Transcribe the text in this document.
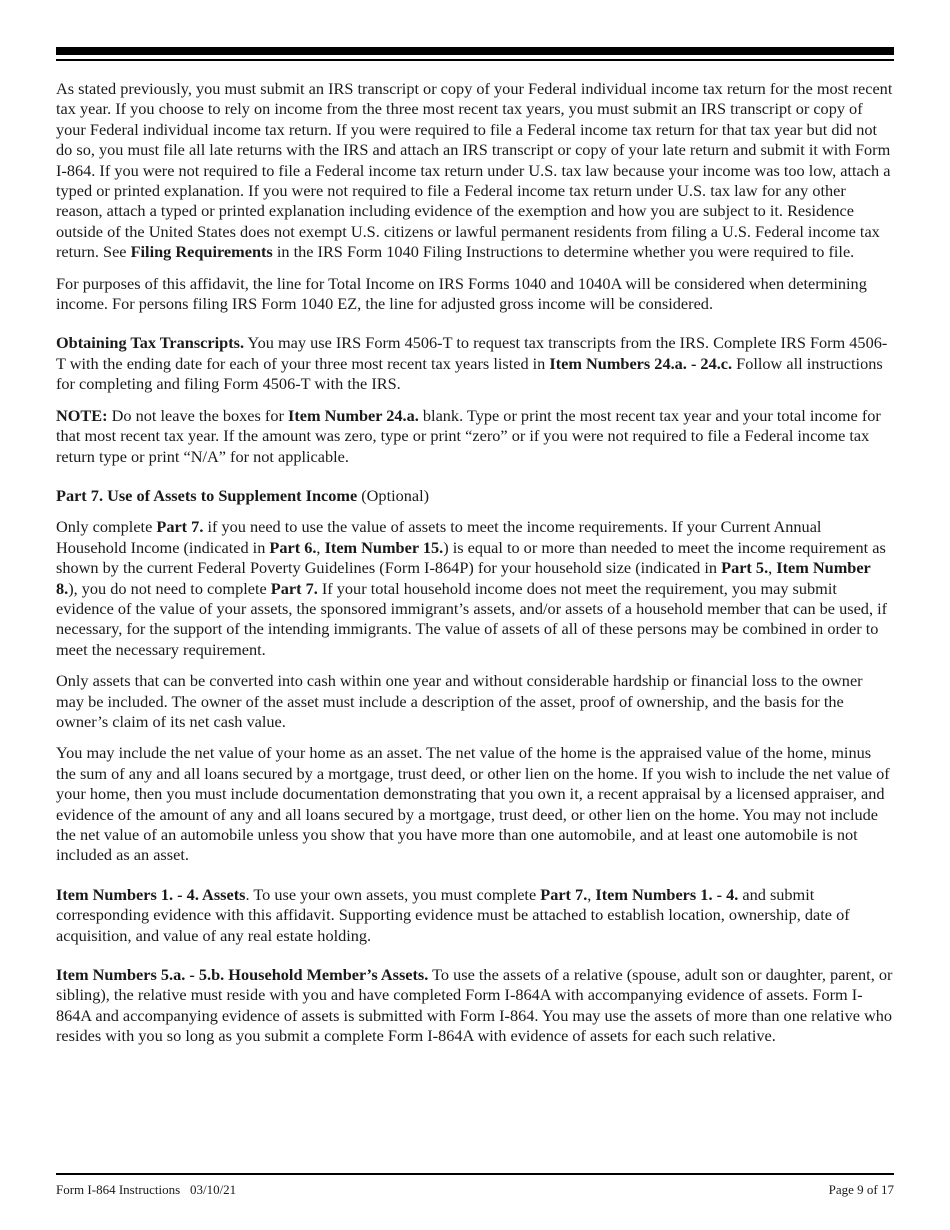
As stated previously, you must submit an IRS transcript or copy of your Federal individual income tax return for the most recent tax year. If you choose to rely on income from the three most recent tax years, you must submit an IRS transcript or copy of your Federal individual income tax return. If you were required to file a Federal income tax return for that tax year but did not do so, you must file all late returns with the IRS and attach an IRS transcript or copy of your late return and submit it with Form I-864. If you were not required to file a Federal income tax return under U.S. tax law because your income was too low, attach a typed or printed explanation. If you were not required to file a Federal income tax return under U.S. tax law for any other reason, attach a typed or printed explanation including evidence of the exemption and how you are subject to it. Residence outside of the United States does not exempt U.S. citizens or lawful permanent residents from filing a U.S. Federal income tax return. See Filing Requirements in the IRS Form 1040 Filing Instructions to determine whether you were required to file.

For purposes of this affidavit, the line for Total Income on IRS Forms 1040 and 1040A will be considered when determining income. For persons filing IRS Form 1040 EZ, the line for adjusted gross income will be considered.

Obtaining Tax Transcripts. You may use IRS Form 4506-T to request tax transcripts from the IRS. Complete IRS Form 4506-T with the ending date for each of your three most recent tax years listed in Item Numbers 24.a. - 24.c. Follow all instructions for completing and filing Form 4506-T with the IRS.

NOTE: Do not leave the boxes for Item Number 24.a. blank. Type or print the most recent tax year and your total income for that most recent tax year. If the amount was zero, type or print “zero” or if you were not required to file a Federal income tax return type or print “N/A” for not applicable.

Part 7. Use of Assets to Supplement Income (Optional)

Only complete Part 7. if you need to use the value of assets to meet the income requirements. If your Current Annual Household Income (indicated in Part 6., Item Number 15.) is equal to or more than needed to meet the income requirement as shown by the current Federal Poverty Guidelines (Form I-864P) for your household size (indicated in Part 5., Item Number 8.), you do not need to complete Part 7. If your total household income does not meet the requirement, you may submit evidence of the value of your assets, the sponsored immigrant’s assets, and/or assets of a household member that can be used, if necessary, for the support of the intending immigrants. The value of assets of all of these persons may be combined in order to meet the necessary requirement.

Only assets that can be converted into cash within one year and without considerable hardship or financial loss to the owner may be included. The owner of the asset must include a description of the asset, proof of ownership, and the basis for the owner’s claim of its net cash value.

You may include the net value of your home as an asset. The net value of the home is the appraised value of the home, minus the sum of any and all loans secured by a mortgage, trust deed, or other lien on the home. If you wish to include the net value of your home, then you must include documentation demonstrating that you own it, a recent appraisal by a licensed appraiser, and evidence of the amount of any and all loans secured by a mortgage, trust deed, or other lien on the home. You may not include the net value of an automobile unless you show that you have more than one automobile, and at least one automobile is not included as an asset.

Item Numbers 1. - 4. Assets. To use your own assets, you must complete Part 7., Item Numbers 1. - 4. and submit corresponding evidence with this affidavit. Supporting evidence must be attached to establish location, ownership, date of acquisition, and value of any real estate holding.

Item Numbers 5.a. - 5.b. Household Member’s Assets. To use the assets of a relative (spouse, adult son or daughter, parent, or sibling), the relative must reside with you and have completed Form I-864A with accompanying evidence of assets. Form I-864A and accompanying evidence of assets is submitted with Form I-864. You may use the assets of more than one relative who resides with you so long as you submit a complete Form I-864A with evidence of assets for each such relative.

Form I-864 Instructions   03/10/21	Page 9 of 17
